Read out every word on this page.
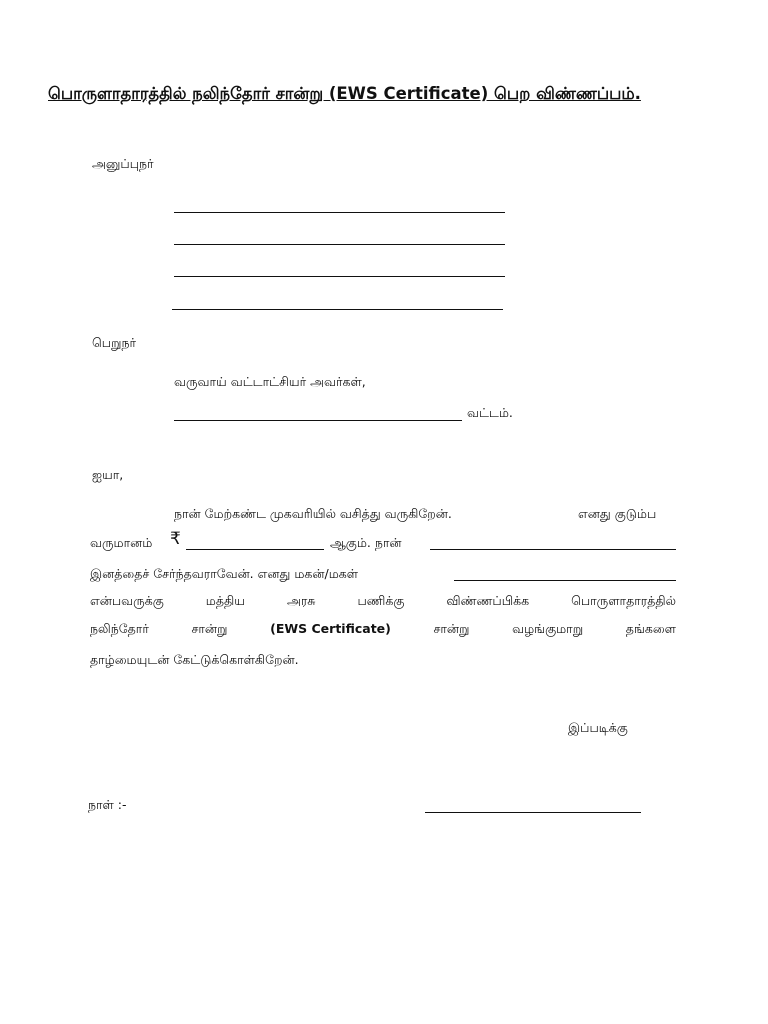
பொருளாதாரத்தில் நலிந்தோர் சான்று (EWS Certificate) பெற விண்ணப்பம்.
அனுப்புநர்
பெறுநர்
வருவாய் வட்டாட்சியர் அவர்கள்,
வட்டம்.
ஐயா,
நான் மேற்கண்ட முகவரியில் வசித்து வருகிறேன்.	எனது குடும்ப
வருமானம் ₹	ஆகும். நான்
இனத்தைச் சேர்ந்தவராவேன். எனது மகன்/மகள்
என்பவருக்கு	மத்திய	அரசு	பணிக்கு	விண்ணப்பிக்க	பொருளாதாரத்தில்
நலிந்தோர்	சான்று	(EWS Certificate)	சான்று	வழங்குமாறு	தங்களை
தாழ்மையுடன் கேட்டுக்கொள்கிறேன்.
இப்படிக்கு
நாள் :-
